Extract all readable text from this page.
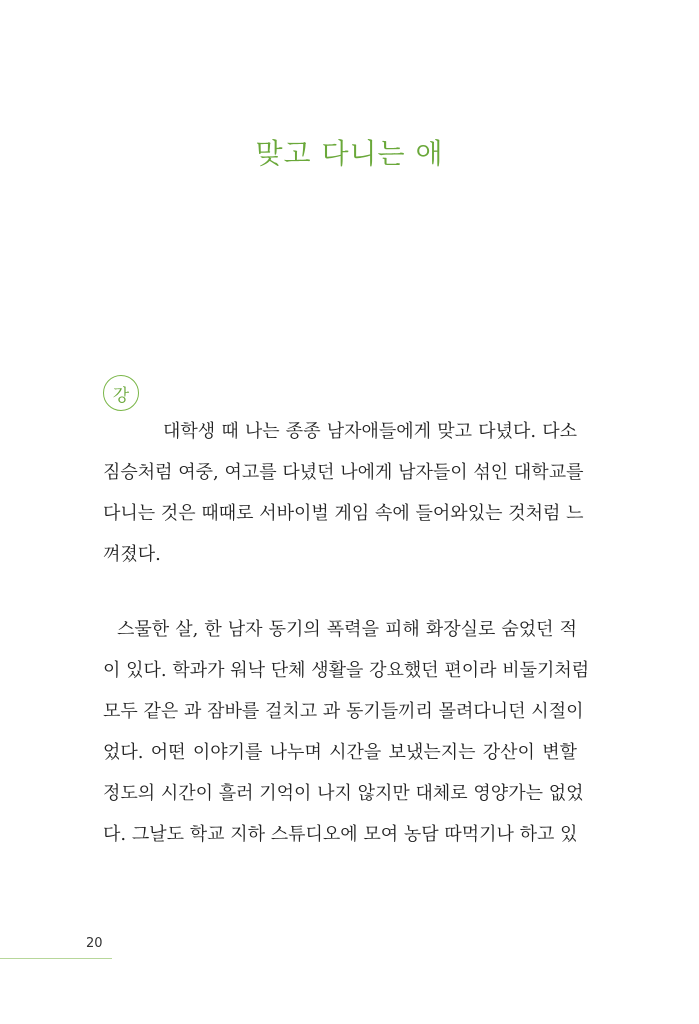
맞고 다니는 애
강
대학생 때 나는 종종 남자애들에게 맞고 다녔다. 다소
짐승처럼 여중, 여고를 다녔던 나에게 남자들이 섞인 대학교를
다니는 것은 때때로 서바이벌 게임 속에 들어와있는 것처럼 느
껴졌다.
스물한 살, 한 남자 동기의 폭력을 피해 화장실로 숨었던 적
이 있다. 학과가 워낙 단체 생활을 강요했던 편이라 비둘기처럼
모두 같은 과 잠바를 걸치고 과 동기들끼리 몰려다니던 시절이
었다. 어떤 이야기를 나누며 시간을 보냈는지는 강산이 변할
정도의 시간이 흘러 기억이 나지 않지만 대체로 영양가는 없었
다. 그날도 학교 지하 스튜디오에 모여 농담 따먹기나 하고 있
20
